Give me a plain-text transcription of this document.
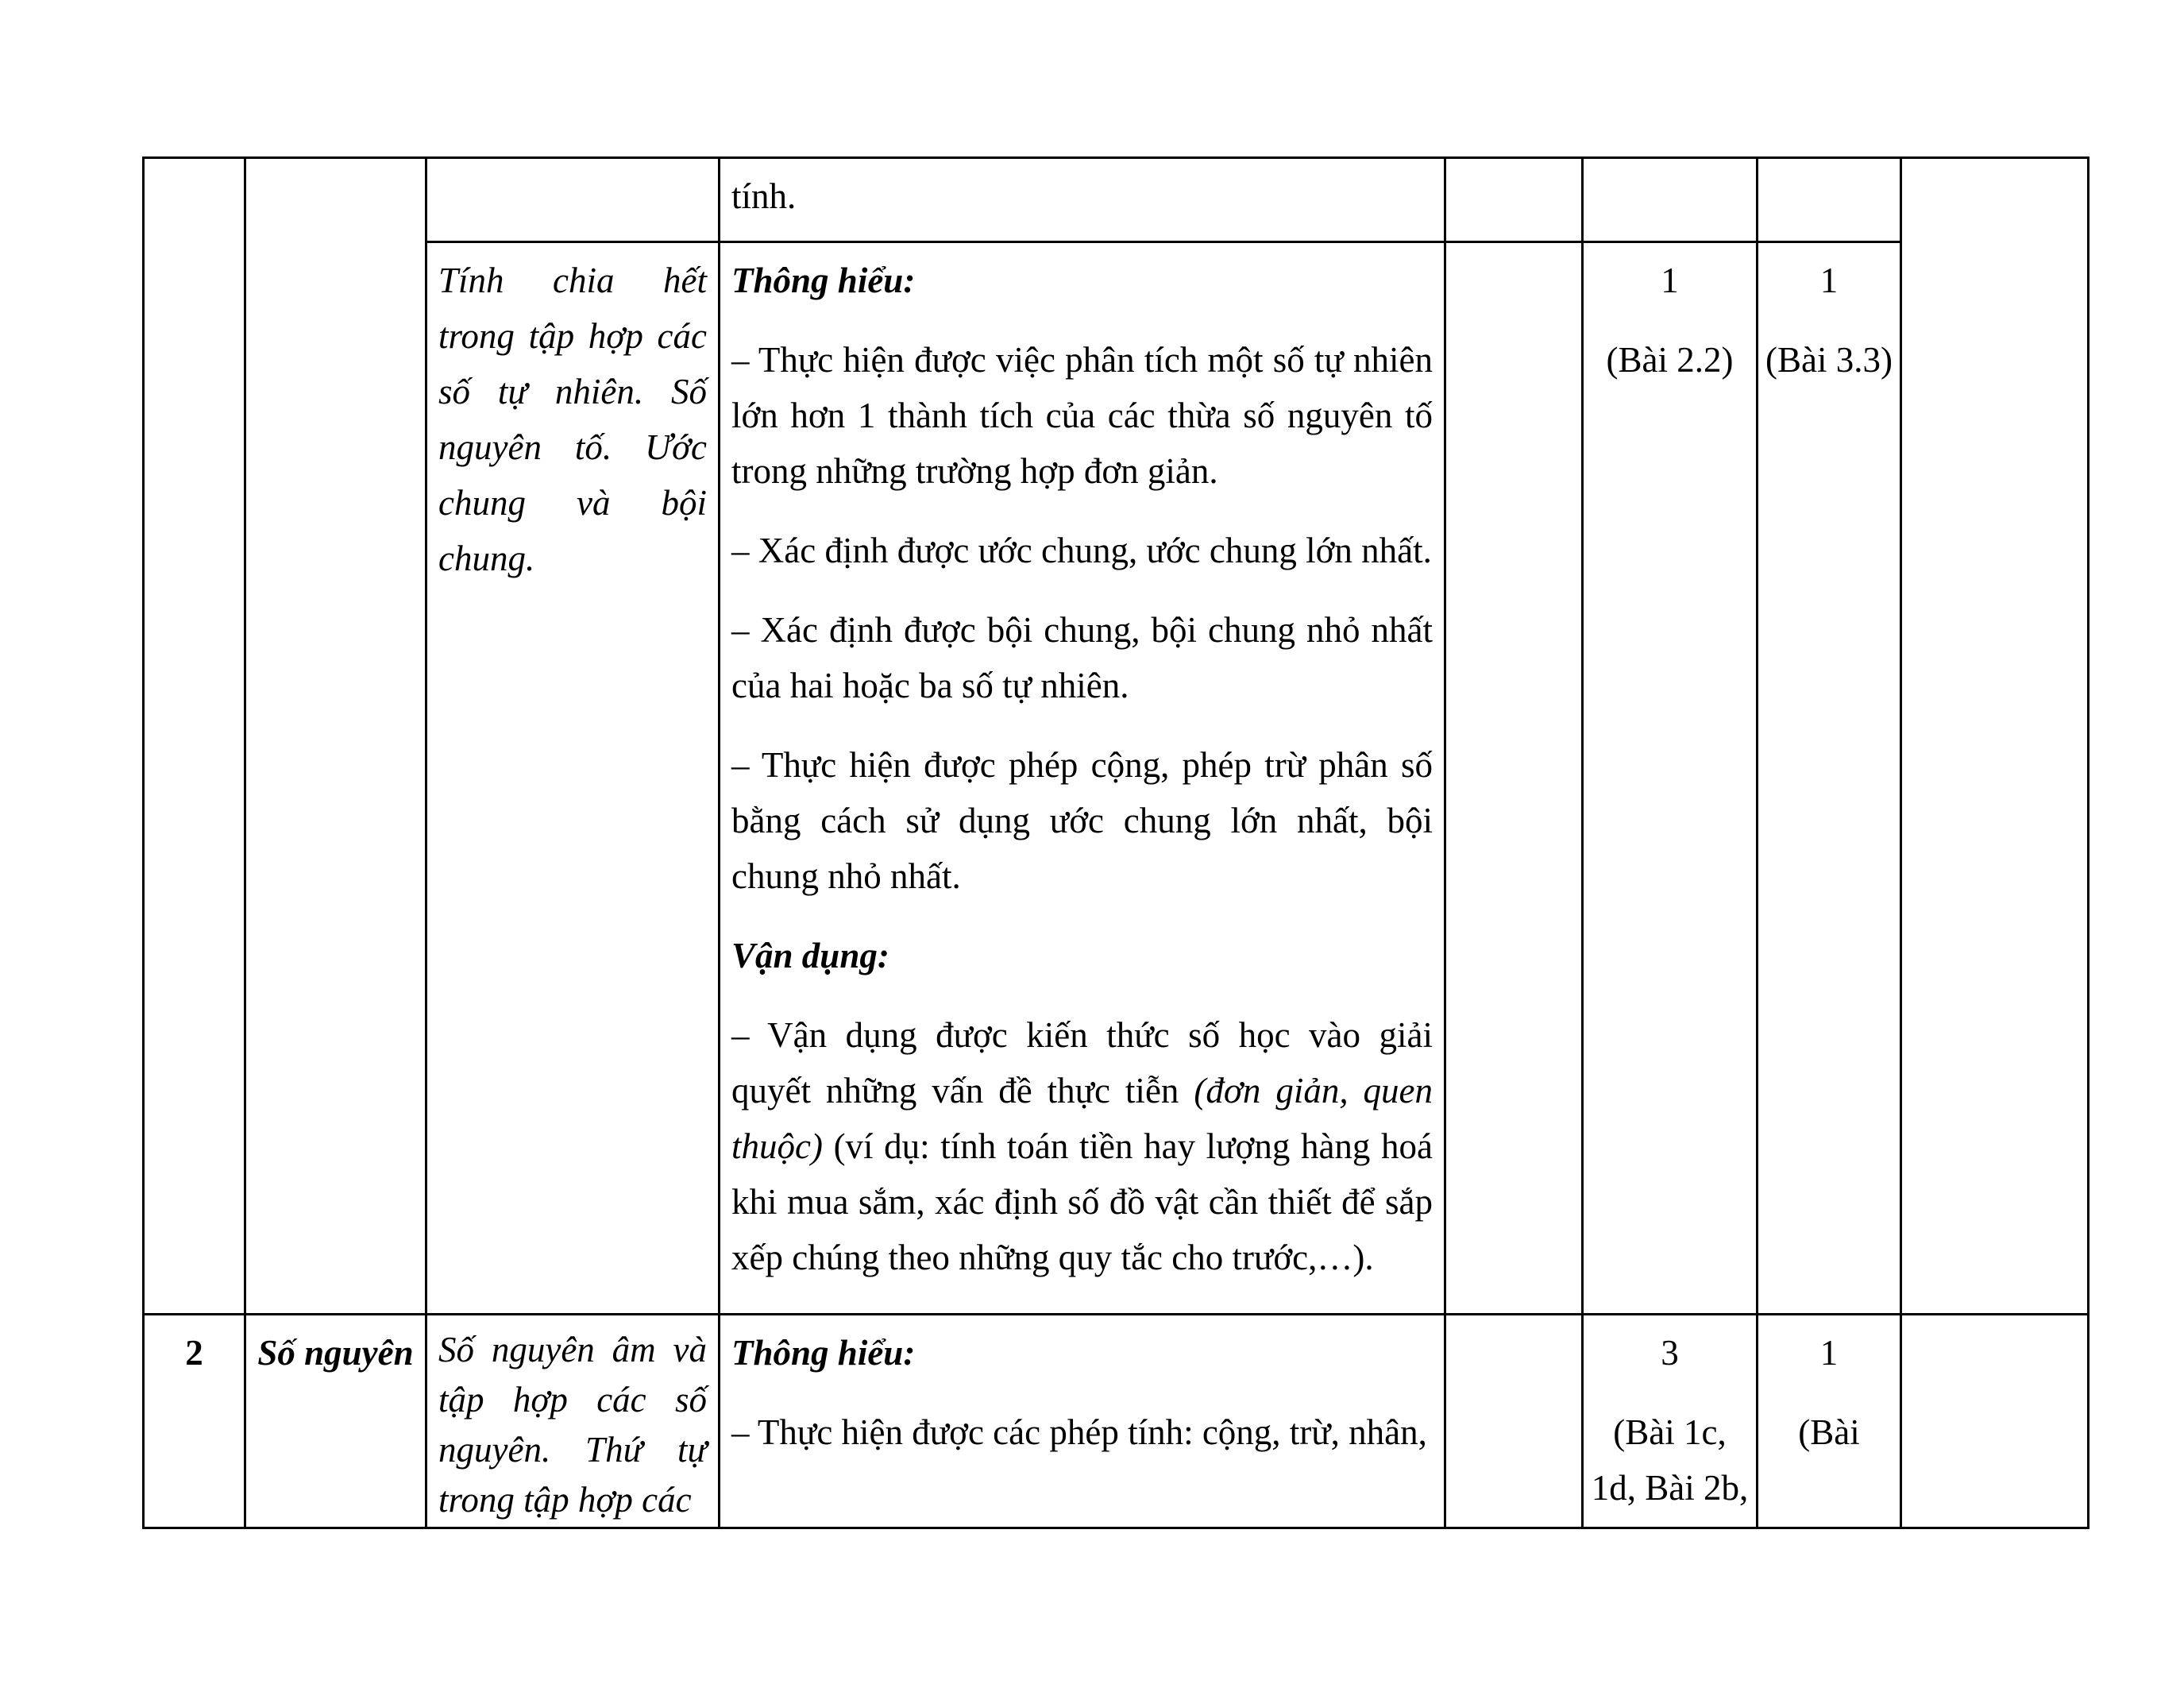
tính.

Tính chia hết trong tập hợp các số tự nhiên. Số nguyên tố. Ước chung và bội chung.

Thông hiểu:

– Thực hiện được việc phân tích một số tự nhiên lớn hơn 1 thành tích của các thừa số nguyên tố trong những trường hợp đơn giản.

– Xác định được ước chung, ước chung lớn nhất.

– Xác định được bội chung, bội chung nhỏ nhất của hai hoặc ba số tự nhiên.

– Thực hiện được phép cộng, phép trừ phân số bằng cách sử dụng ước chung lớn nhất, bội chung nhỏ nhất.

Vận dụng:

– Vận dụng được kiến thức số học vào giải quyết những vấn đề thực tiễn (đơn giản, quen thuộc) (ví dụ: tính toán tiền hay lượng hàng hoá khi mua sắm, xác định số đồ vật cần thiết để sắp xếp chúng theo những quy tắc cho trước,…).

1

(Bài 2.2)

1

(Bài 3.3)

2	Số nguyên Số nguyên âm và tập hợp các số nguyên. Thứ tự trong tập hợp các

Thông hiểu:

– Thực hiện được các phép tính: cộng, trừ, nhân,

3

(Bài 1c, 1d, Bài 2b,

1

(Bài
